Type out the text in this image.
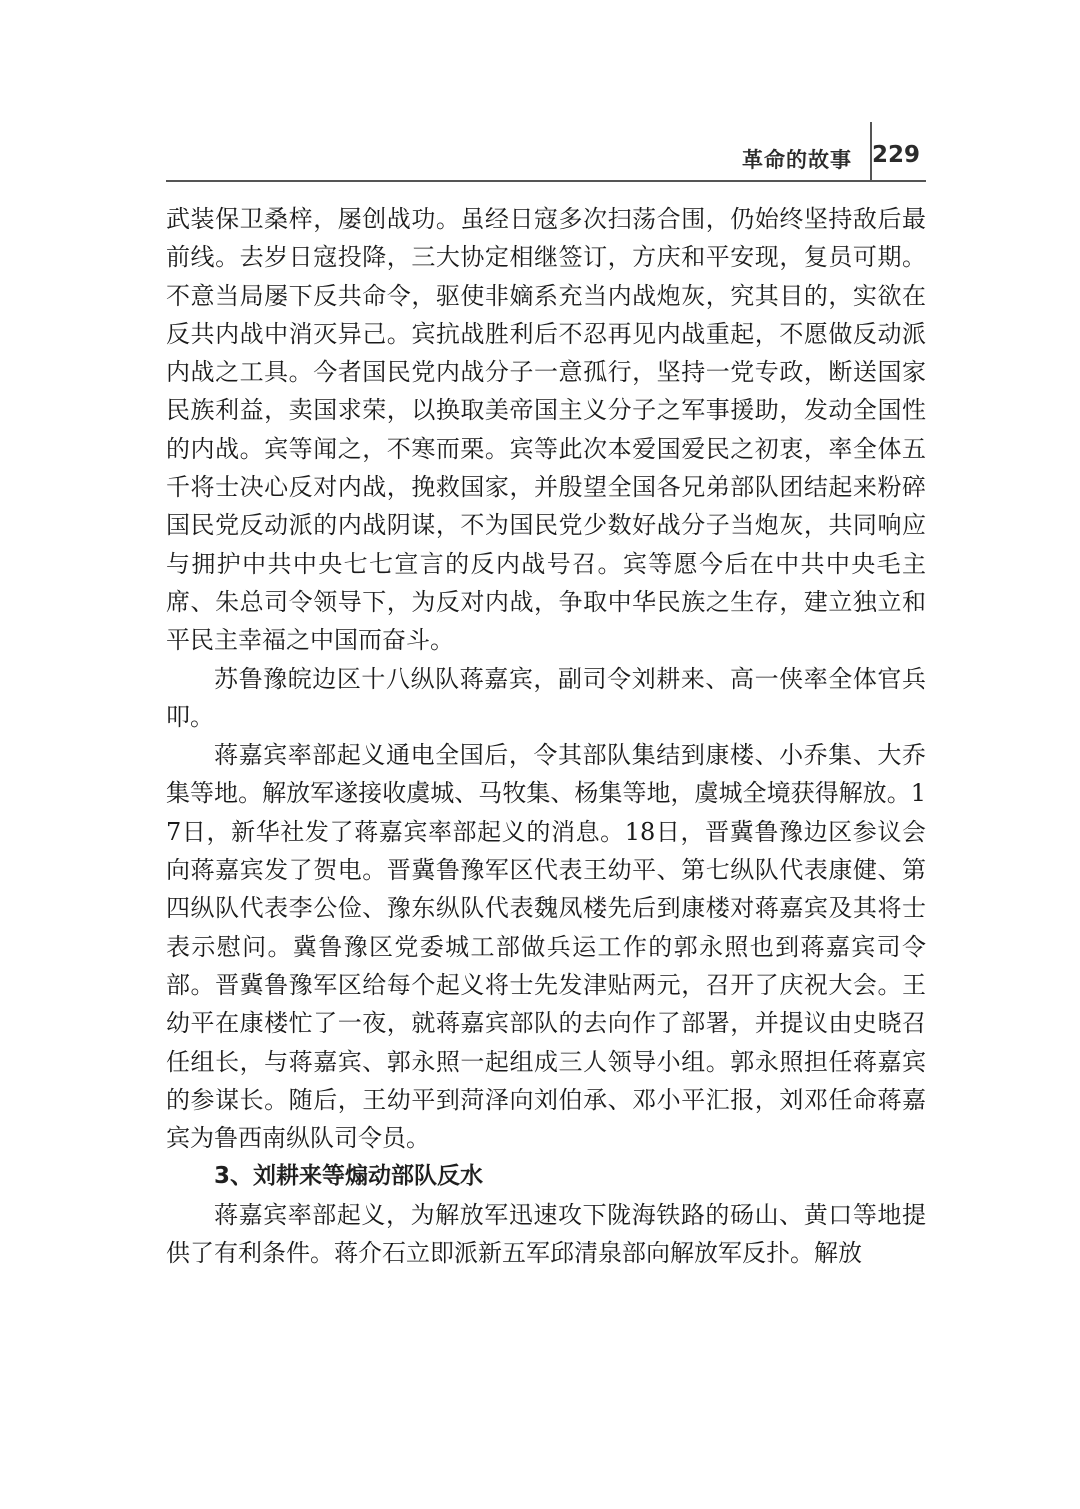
革命的故事 229

武装保卫桑梓，屡创战功。虽经日寇多次扫荡合围，仍始终坚持敌后最前线。去岁日寇投降，三大协定相继签订，方庆和平安现，复员可期。不意当局屡下反共命令，驱使非嫡系充当内战炮灰，究其目的，实欲在反共内战中消灭异己。宾抗战胜利后不忍再见内战重起，不愿做反动派内战之工具。今者国民党内战分子一意孤行，坚持一党专政，断送国家民族利益，卖国求荣，以换取美帝国主义分子之军事援助，发动全国性的内战。宾等闻之，不寒而栗。宾等此次本爱国爱民之初衷，率全体五千将士决心反对内战，挽救国家，并殷望全国各兄弟部队团结起来粉碎国民党反动派的内战阴谋，不为国民党少数好战分子当炮灰，共同响应与拥护中共中央七七宣言的反内战号召。宾等愿今后在中共中央毛主席、朱总司令领导下，为反对内战，争取中华民族之生存，建立独立和平民主幸福之中国而奋斗。

苏鲁豫皖边区十八纵队蒋嘉宾，副司令刘耕来、高一侠率全体官兵叩。

蒋嘉宾率部起义通电全国后，令其部队集结到康楼、小乔集、大乔集等地。解放军遂接收虞城、马牧集、杨集等地，虞城全境获得解放。17日，新华社发了蒋嘉宾率部起义的消息。18日，晋冀鲁豫边区参议会向蒋嘉宾发了贺电。晋冀鲁豫军区代表王幼平、第七纵队代表康健、第四纵队代表李公俭、豫东纵队代表魏凤楼先后到康楼对蒋嘉宾及其将士表示慰问。冀鲁豫区党委城工部做兵运工作的郭永照也到蒋嘉宾司令部。晋冀鲁豫军区给每个起义将士先发津贴两元，召开了庆祝大会。王幼平在康楼忙了一夜，就蒋嘉宾部队的去向作了部署，并提议由史晓召任组长，与蒋嘉宾、郭永照一起组成三人领导小组。郭永照担任蒋嘉宾的参谋长。随后，王幼平到菏泽向刘伯承、邓小平汇报，刘邓任命蒋嘉宾为鲁西南纵队司令员。

3、刘耕来等煽动部队反水

蒋嘉宾率部起义，为解放军迅速攻下陇海铁路的砀山、黄口等地提供了有利条件。蒋介石立即派新五军邱清泉部向解放军反扑。解放
